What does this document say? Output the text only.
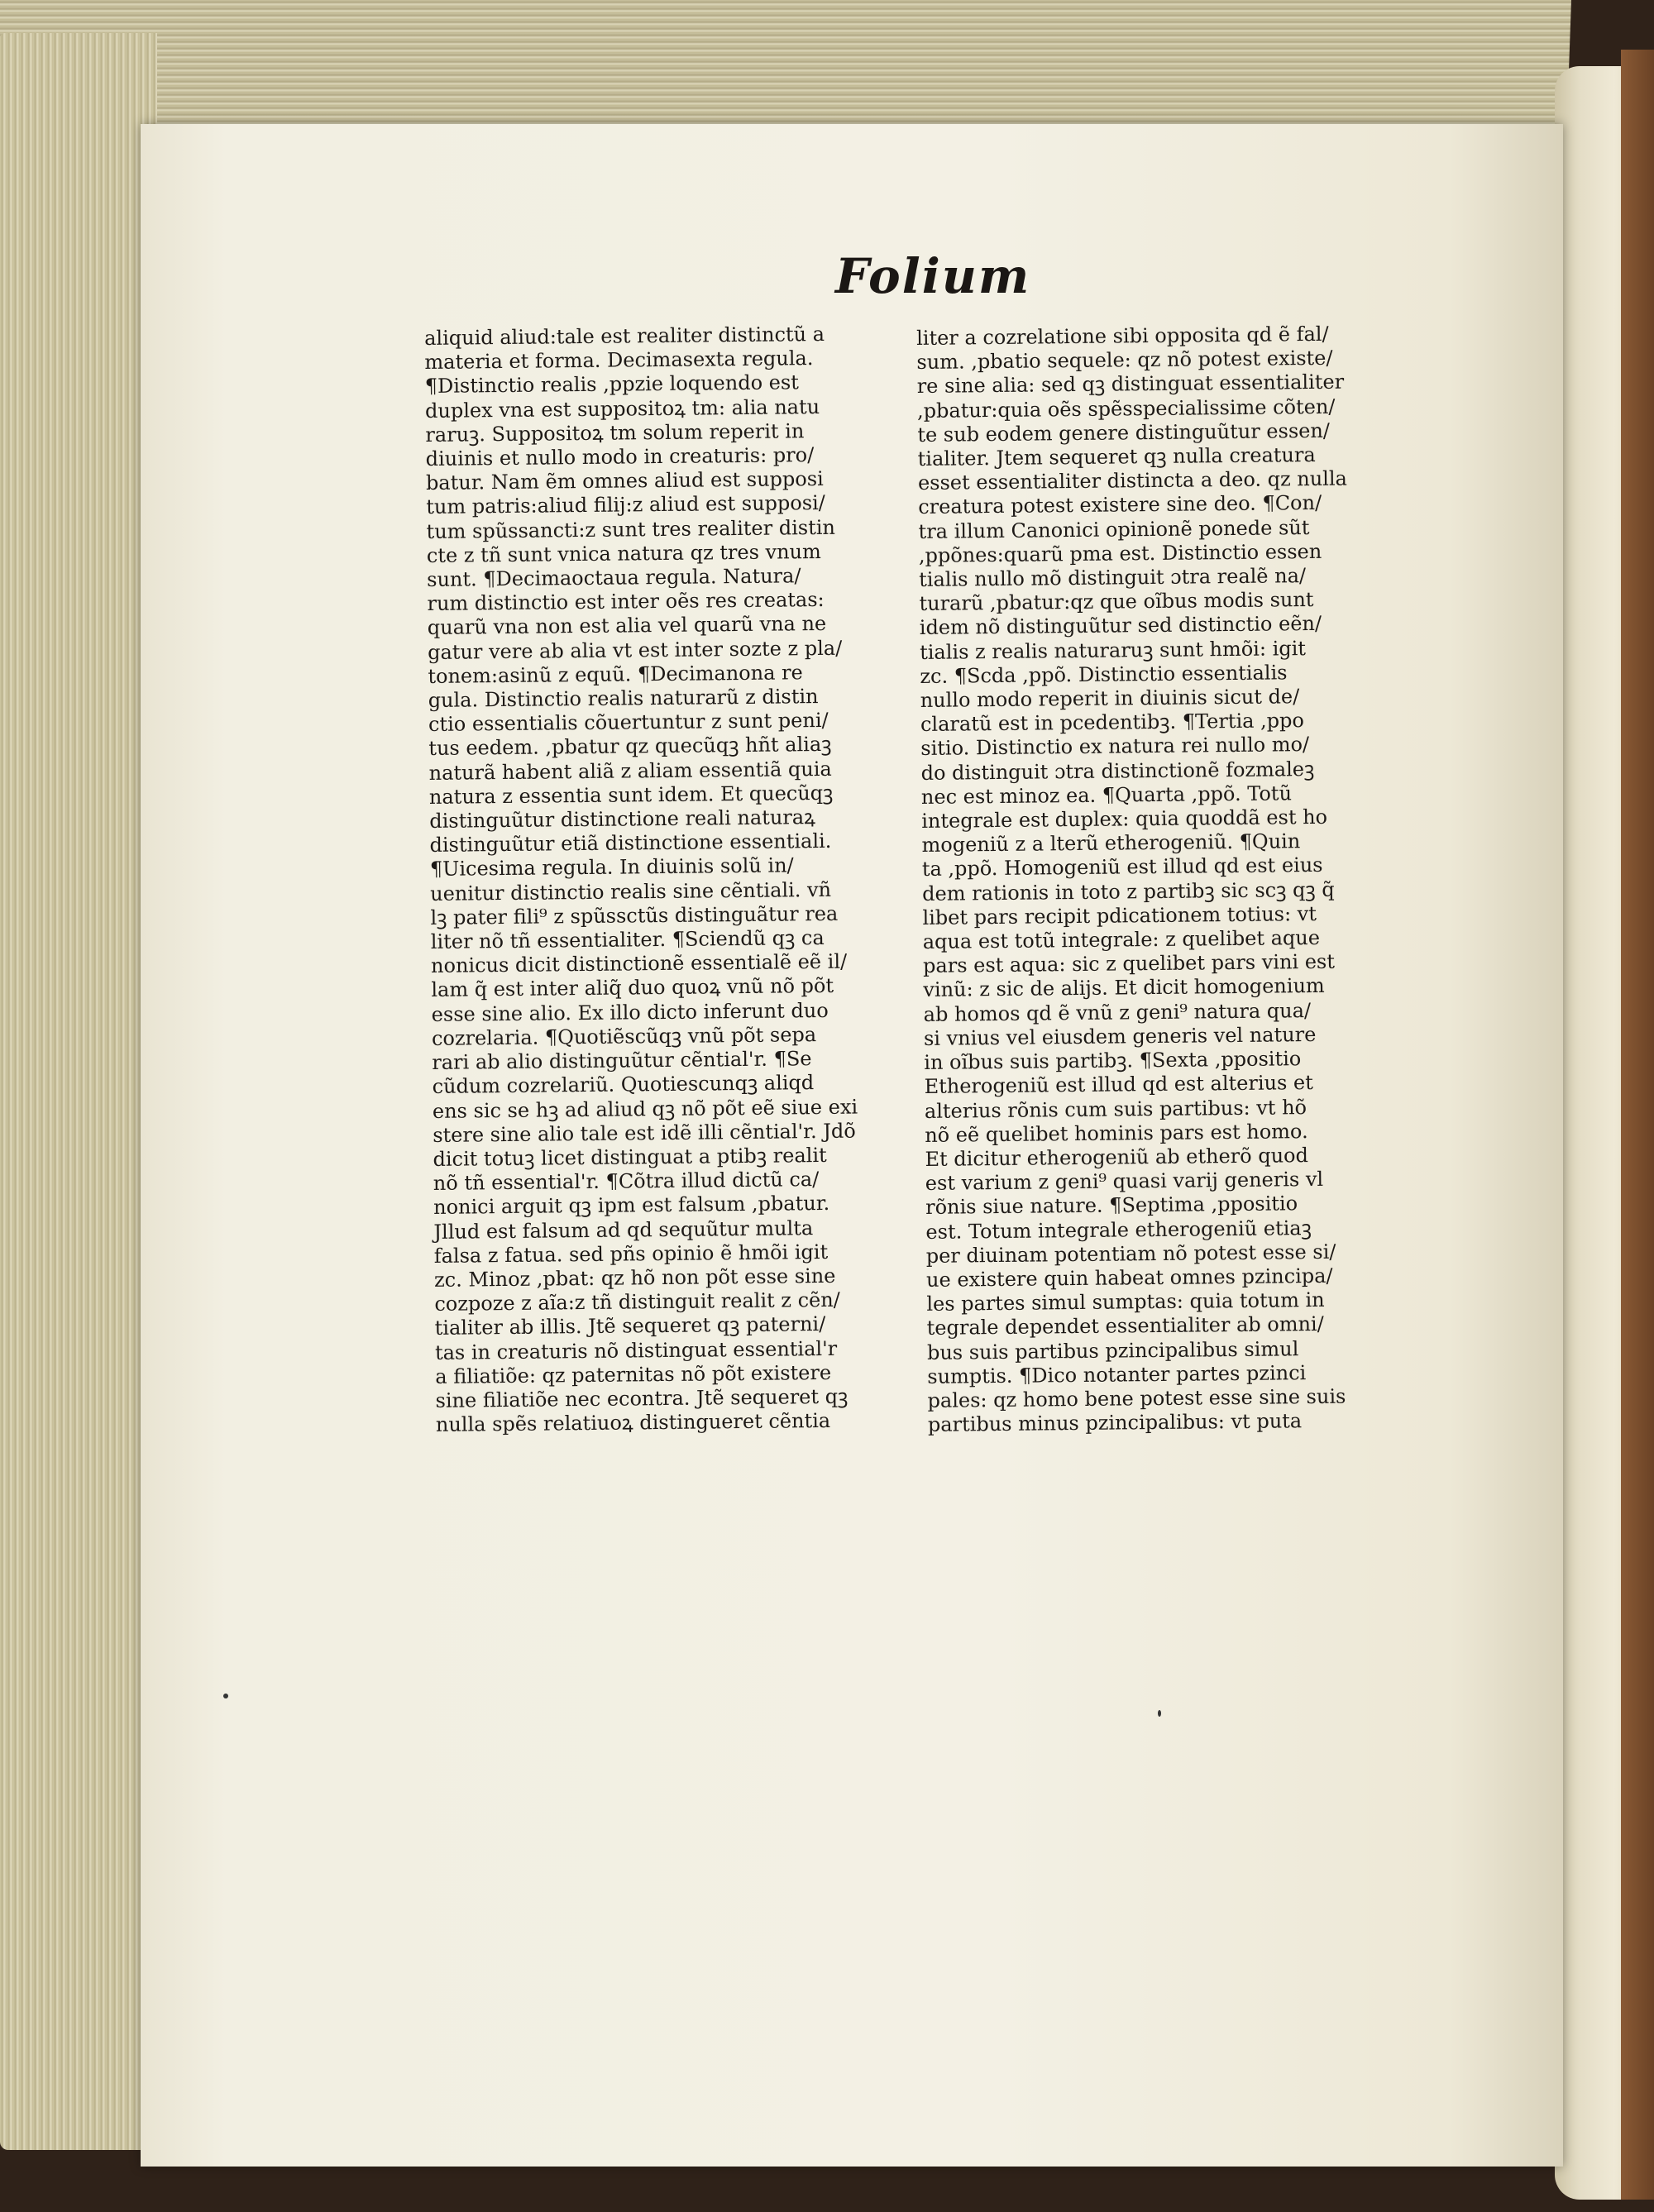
Folium
aliquid aliud:tale est realiter distinctũ a
materia et forma. Decimasexta regula.
¶Distinctio realis ,ppzie loquendo est
duplex vna est suppositoꝝ tm: alia natu
raruꝫ. Suppositoꝝ tm solum reperit in
diuinis et nullo modo in creaturis: pro/
batur. Nam ẽm omnes aliud est supposi
tum patris:aliud filij:z aliud est supposi/
tum spũssancti:z sunt tres realiter distin
cte z tñ sunt vnica natura qz tres vnum
sunt. ¶Decimaoctaua regula. Natura/
rum distinctio est inter oẽs res creatas:
quarũ vna non est alia vel quarũ vna ne
gatur vere ab alia vt est inter sozte z pla/
tonem:asinũ z equũ. ¶Decimanona re
gula. Distinctio realis naturarũ z distin
ctio essentialis cõuertuntur z sunt peni/
tus eedem. ,pbatur qz quecũqꝫ hñt aliaꝫ
naturã habent aliã z aliam essentiã quia
natura z essentia sunt idem. Et quecũqꝫ
distinguũtur distinctione reali naturaꝝ
distinguũtur etiã distinctione essentiali.
¶Uicesima regula. In diuinis solũ in/
uenitur distinctio realis sine cẽntiali. vñ
lꝫ pater fili⁹ z spũssctũs distinguãtur rea
liter nõ tñ essentialiter. ¶Sciendũ qꝫ ca
nonicus dicit distinctionẽ essentialẽ eẽ il/
lam q̃ est inter aliq̃ duo quoꝝ vnũ nõ põt
esse sine alio. Ex illo dicto inferunt duo
cozrelaria. ¶Quotiẽscũqꝫ vnũ põt sepa
rari ab alio distinguũtur cẽntial'r. ¶Se
cũdum cozrelariũ. Quotiescunqꝫ aliqd
ens sic se hꝫ ad aliud qꝫ nõ põt eẽ siue exi
stere sine alio tale est idẽ illi cẽntial'r. Jdõ
dicit totuꝫ licet distinguat a ptibꝫ realit
nõ tñ essential'r. ¶Cõtra illud dictũ ca/
nonici arguit qꝫ ipm est falsum ,pbatur.
Jllud est falsum ad qd sequũtur multa
falsa z fatua. sed pñs opinio ẽ hmõi igit
zc. Minoz ,pbat: qz hõ non põt esse sine
cozpoze z aĩa:z tñ distinguit realit z cẽn/
tialiter ab illis. Jtẽ sequeret qꝫ paterni/
tas in creaturis nõ distinguat essential'r
a filiatiõe: qz paternitas nõ põt existere
sine filiatiõe nec econtra. Jtẽ sequeret qꝫ
nulla spẽs relatiuoꝝ distingueret cẽntia
liter a cozrelatione sibi opposita qd ẽ fal/
sum. ,pbatio sequele: qz nõ potest existe/
re sine alia: sed qꝫ distinguat essentialiter
,pbatur:quia oẽs spẽsspecialissime cõten/
te sub eodem genere distinguũtur essen/
tialiter. Jtem sequeret qꝫ nulla creatura
esset essentialiter distincta a deo. qz nulla
creatura potest existere sine deo. ¶Con/
tra illum Canonici opinionẽ ponede sũt
,ppõnes:quarũ pma est. Distinctio essen
tialis nullo mõ distinguit ɔtra realẽ na/
turarũ ,pbatur:qz que oĩbus modis sunt
idem nõ distinguũtur sed distinctio eẽn/
tialis z realis naturaruꝫ sunt hmõi: igit
zc. ¶Scda ,ppõ. Distinctio essentialis
nullo modo reperit in diuinis sicut de/
claratũ est in pcedentibꝫ. ¶Tertia ,ppo
sitio. Distinctio ex natura rei nullo mo/
do distinguit ɔtra distinctionẽ fozmaleꝫ
nec est minoz ea. ¶Quarta ,ppõ. Totũ
integrale est duplex: quia quoddã est ho
mogeniũ z a lterũ etherogeniũ. ¶Quin
ta ,ppõ. Homogeniũ est illud qd est eius
dem rationis in toto z partibꝫ sic scꝫ qꝫ q̃
libet pars recipit pdicationem totius: vt
aqua est totũ integrale: z quelibet aque
pars est aqua: sic z quelibet pars vini est
vinũ: z sic de alijs. Et dicit homogenium
ab homos qd ẽ vnũ z geni⁹ natura qua/
si vnius vel eiusdem generis vel nature
in oĩbus suis partibꝫ. ¶Sexta ,ppositio
Etherogeniũ est illud qd est alterius et
alterius rõnis cum suis partibus: vt hõ
nõ eẽ quelibet hominis pars est homo.
Et dicitur etherogeniũ ab etherõ quod
est varium z geni⁹ quasi varij generis vl
rõnis siue nature. ¶Septima ,ppositio
est. Totum integrale etherogeniũ etiaꝫ
per diuinam potentiam nõ potest esse si/
ue existere quin habeat omnes pzincipa/
les partes simul sumptas: quia totum in
tegrale dependet essentialiter ab omni/
bus suis partibus pzincipalibus simul
sumptis. ¶Dico notanter partes pzinci
pales: qz homo bene potest esse sine suis
partibus minus pzincipalibus: vt puta
